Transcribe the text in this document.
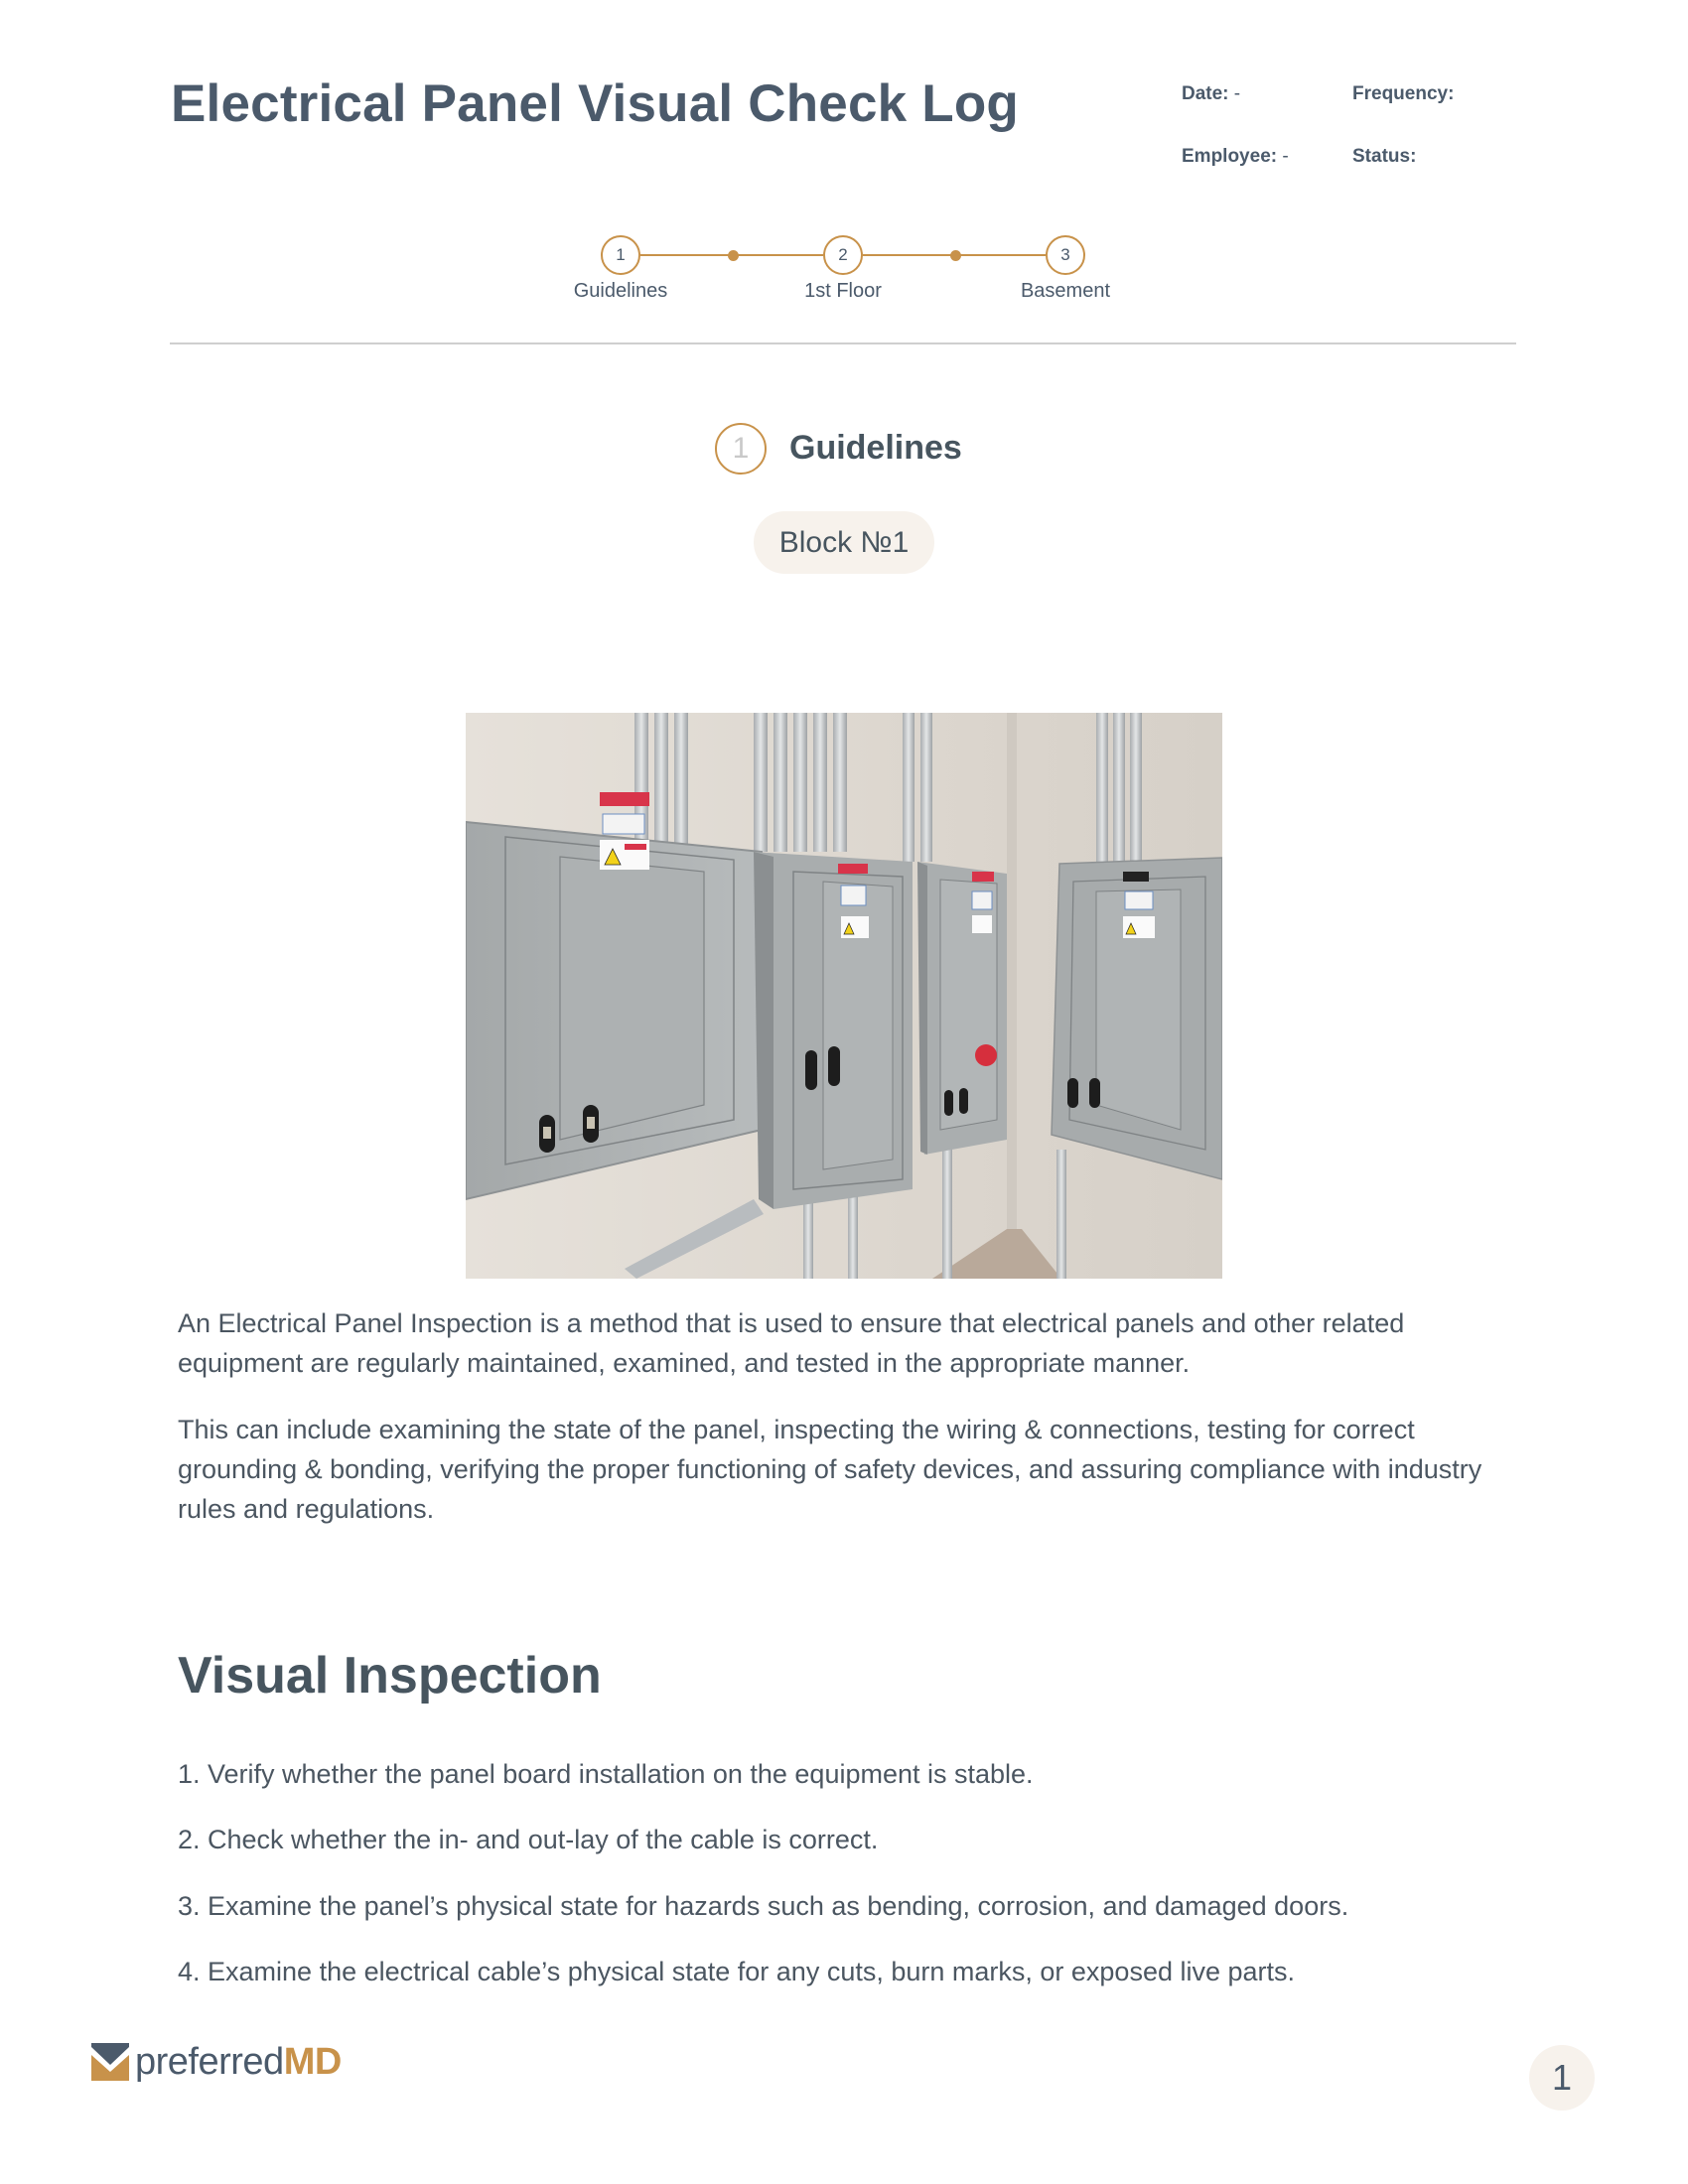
Electrical Panel Visual Check Log	Date: -	Frequency:
Employee: -	Status:
1	2	3
Guidelines	1st Floor	Basement
1 Guidelines
Block №1

An Electrical Panel Inspection is a method that is used to ensure that electrical panels and other related equipment are regularly maintained, examined, and tested in the appropriate manner.

This can include examining the state of the panel, inspecting the wiring & connections, testing for correct grounding & bonding, verifying the proper functioning of safety devices, and assuring compliance with industry rules and regulations.

Visual Inspection
1. Verify whether the panel board installation on the equipment is stable.
2. Check whether the in- and out-lay of the cable is correct.
3. Examine the panel’s physical state for hazards such as bending, corrosion, and damaged doors.
4. Examine the electrical cable’s physical state for any cuts, burn marks, or exposed live parts.
preferredMD	1
